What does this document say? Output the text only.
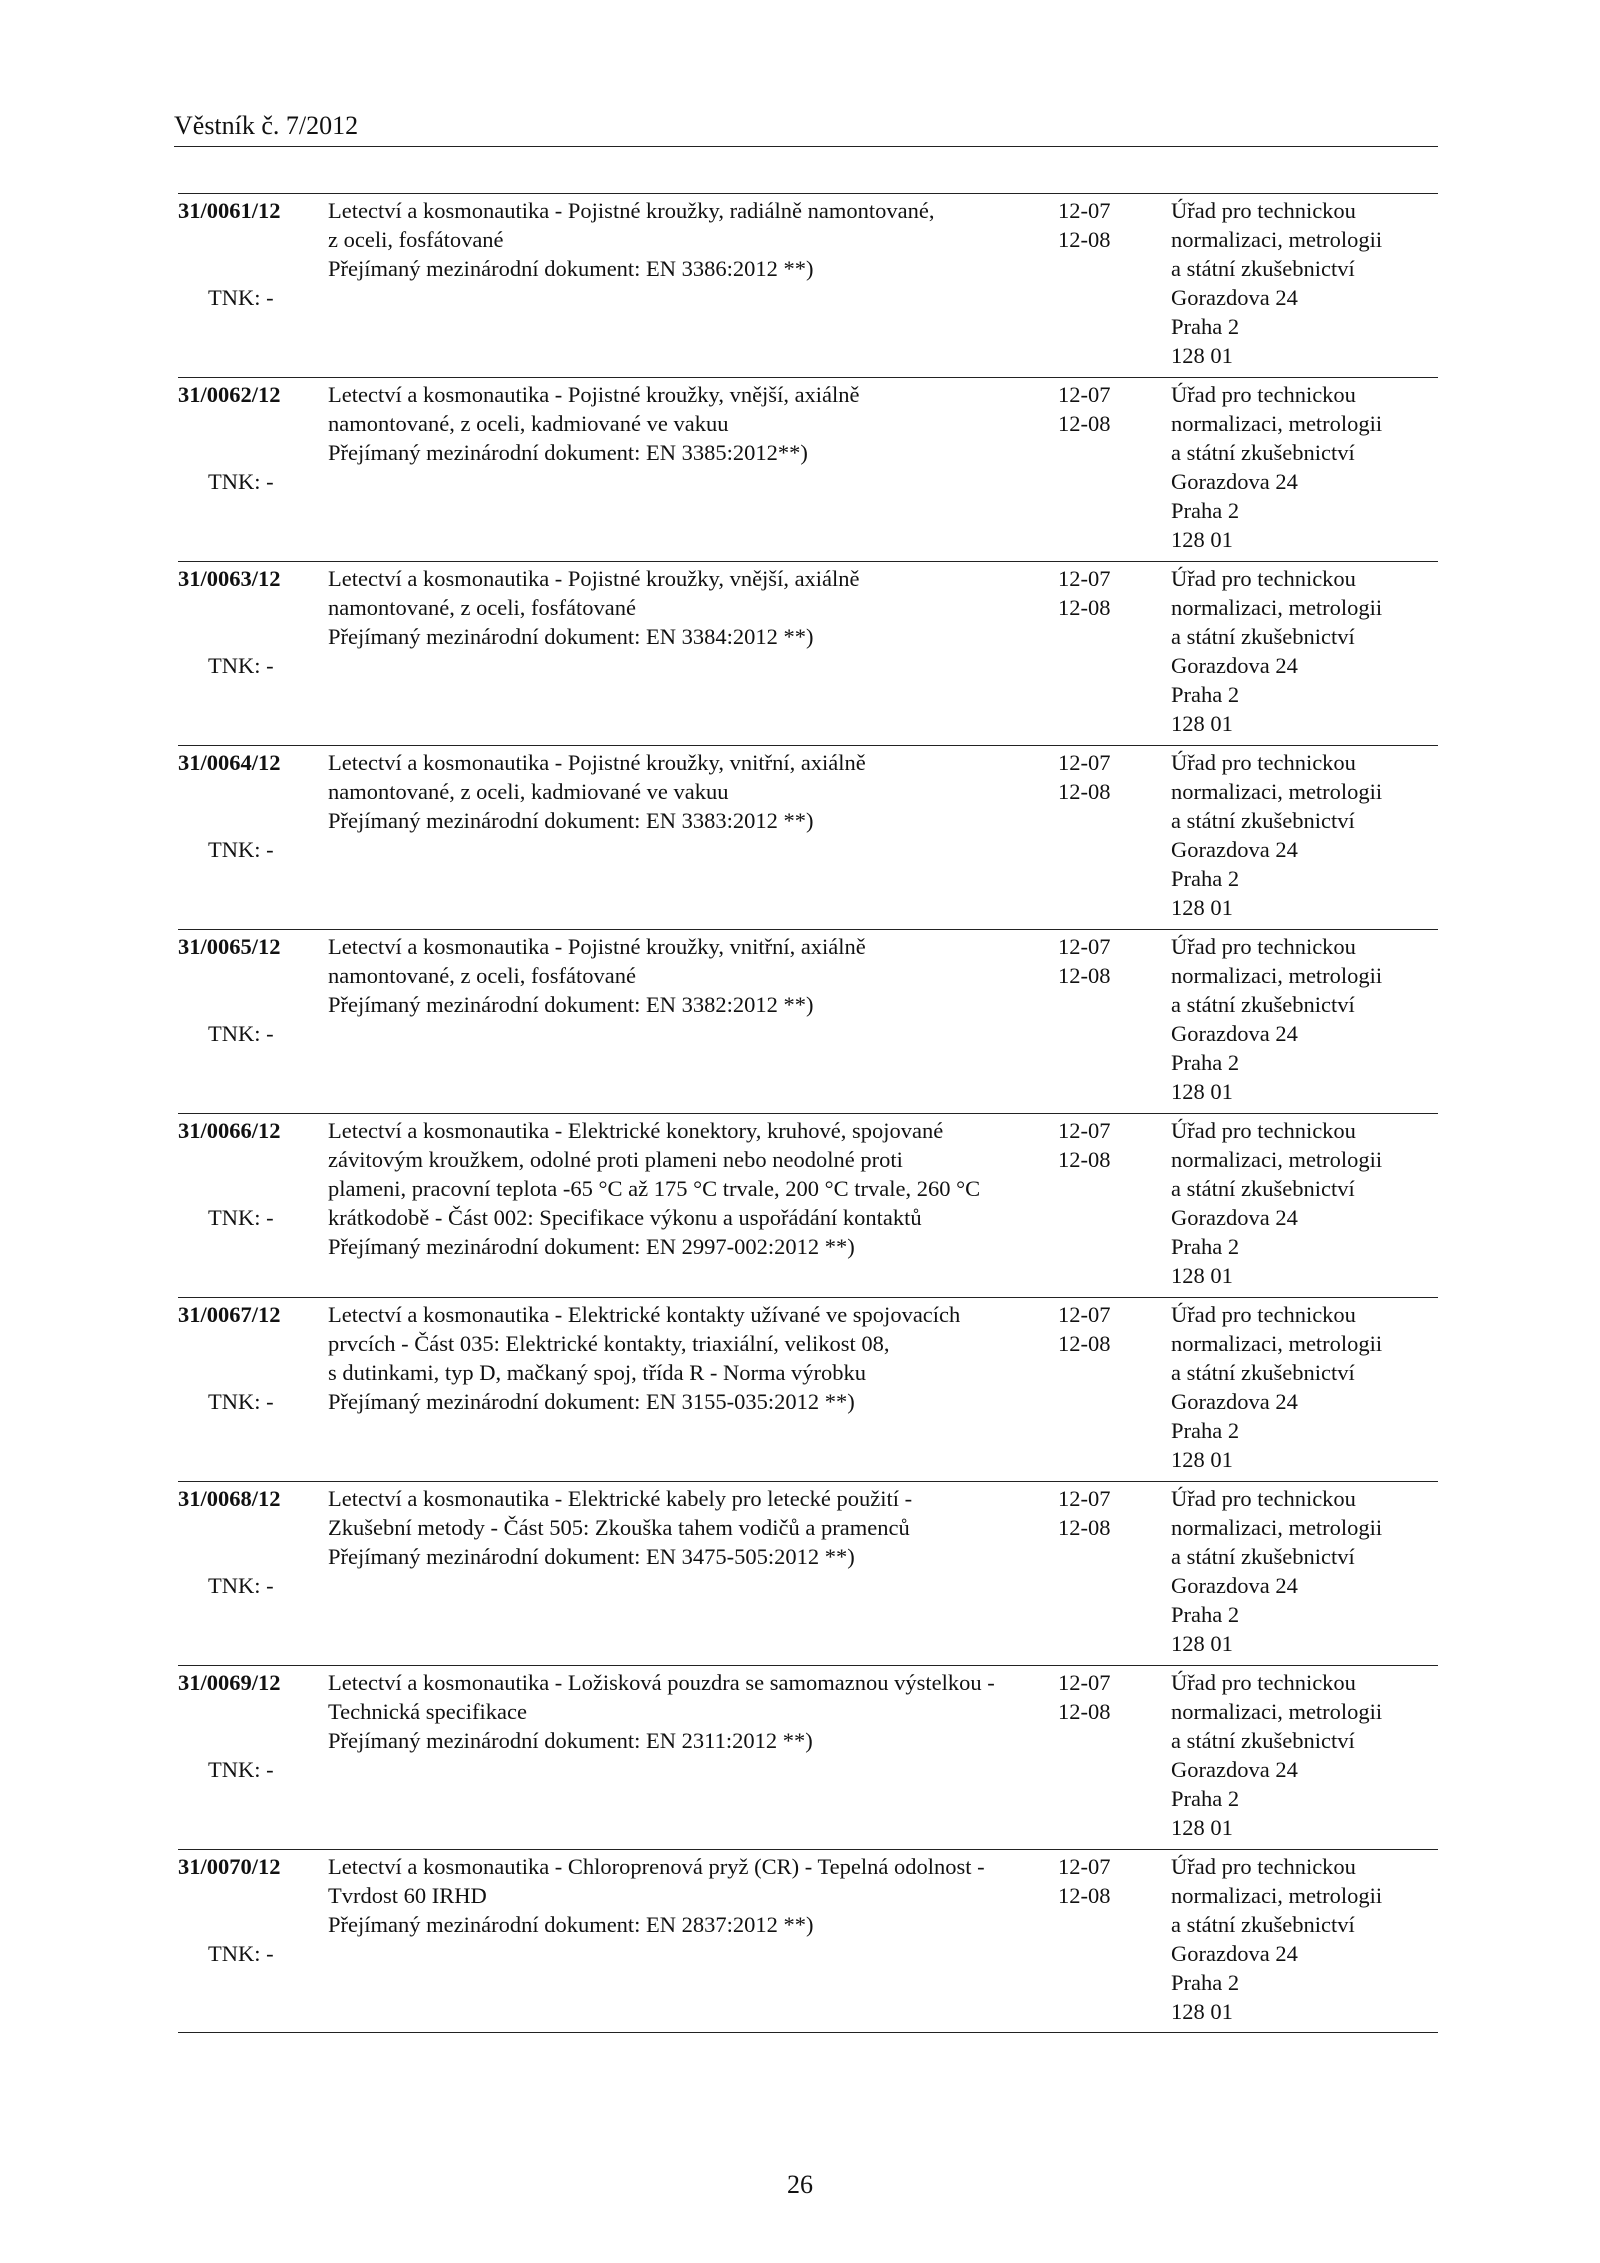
Věstník č. 7/2012
31/0061/12
TNK: -
Letectví a kosmonautika - Pojistné kroužky, radiálně namontované,
z oceli, fosfátované
Přejímaný mezinárodní dokument: EN 3386:2012 **)
12-07
12-08
Úřad pro technickou
normalizaci, metrologii
a státní zkušebnictví
Gorazdova 24
Praha 2
128 01
31/0062/12
TNK: -
Letectví a kosmonautika - Pojistné kroužky, vnější, axiálně
namontované, z oceli, kadmiované ve vakuu
Přejímaný mezinárodní dokument: EN 3385:2012**)
12-07
12-08
Úřad pro technickou
normalizaci, metrologii
a státní zkušebnictví
Gorazdova 24
Praha 2
128 01
31/0063/12
TNK: -
Letectví a kosmonautika - Pojistné kroužky, vnější, axiálně
namontované, z oceli, fosfátované
Přejímaný mezinárodní dokument: EN 3384:2012 **)
12-07
12-08
Úřad pro technickou
normalizaci, metrologii
a státní zkušebnictví
Gorazdova 24
Praha 2
128 01
31/0064/12
TNK: -
Letectví a kosmonautika - Pojistné kroužky, vnitřní, axiálně
namontované, z oceli, kadmiované ve vakuu
Přejímaný mezinárodní dokument: EN 3383:2012 **)
12-07
12-08
Úřad pro technickou
normalizaci, metrologii
a státní zkušebnictví
Gorazdova 24
Praha 2
128 01
31/0065/12
TNK: -
Letectví a kosmonautika - Pojistné kroužky, vnitřní, axiálně
namontované, z oceli, fosfátované
Přejímaný mezinárodní dokument: EN 3382:2012 **)
12-07
12-08
Úřad pro technickou
normalizaci, metrologii
a státní zkušebnictví
Gorazdova 24
Praha 2
128 01
31/0066/12
TNK: -
Letectví a kosmonautika - Elektrické konektory, kruhové, spojované
závitovým kroužkem, odolné proti plameni nebo neodolné proti
plameni, pracovní teplota -65 °C až 175 °C trvale, 200 °C trvale, 260 °C
krátkodobě - Část 002: Specifikace výkonu a uspořádání kontaktů
Přejímaný mezinárodní dokument: EN 2997-002:2012 **)
12-07
12-08
Úřad pro technickou
normalizaci, metrologii
a státní zkušebnictví
Gorazdova 24
Praha 2
128 01
31/0067/12
TNK: -
Letectví a kosmonautika - Elektrické kontakty užívané ve spojovacích
prvcích - Část 035: Elektrické kontakty, triaxiální, velikost 08,
s dutinkami, typ D, mačkaný spoj, třída R - Norma výrobku
Přejímaný mezinárodní dokument: EN 3155-035:2012 **)
12-07
12-08
Úřad pro technickou
normalizaci, metrologii
a státní zkušebnictví
Gorazdova 24
Praha 2
128 01
31/0068/12
TNK: -
Letectví a kosmonautika - Elektrické kabely pro letecké použití -
Zkušební metody - Část 505: Zkouška tahem vodičů a pramenců
Přejímaný mezinárodní dokument: EN 3475-505:2012 **)
12-07
12-08
Úřad pro technickou
normalizaci, metrologii
a státní zkušebnictví
Gorazdova 24
Praha 2
128 01
31/0069/12
TNK: -
Letectví a kosmonautika - Ložisková pouzdra se samomaznou výstelkou -
Technická specifikace
Přejímaný mezinárodní dokument: EN 2311:2012 **)
12-07
12-08
Úřad pro technickou
normalizaci, metrologii
a státní zkušebnictví
Gorazdova 24
Praha 2
128 01
31/0070/12
TNK: -
Letectví a kosmonautika - Chloroprenová pryž (CR) - Tepelná odolnost -
Tvrdost 60 IRHD
Přejímaný mezinárodní dokument: EN 2837:2012 **)
12-07
12-08
Úřad pro technickou
normalizaci, metrologii
a státní zkušebnictví
Gorazdova 24
Praha 2
128 01
26
